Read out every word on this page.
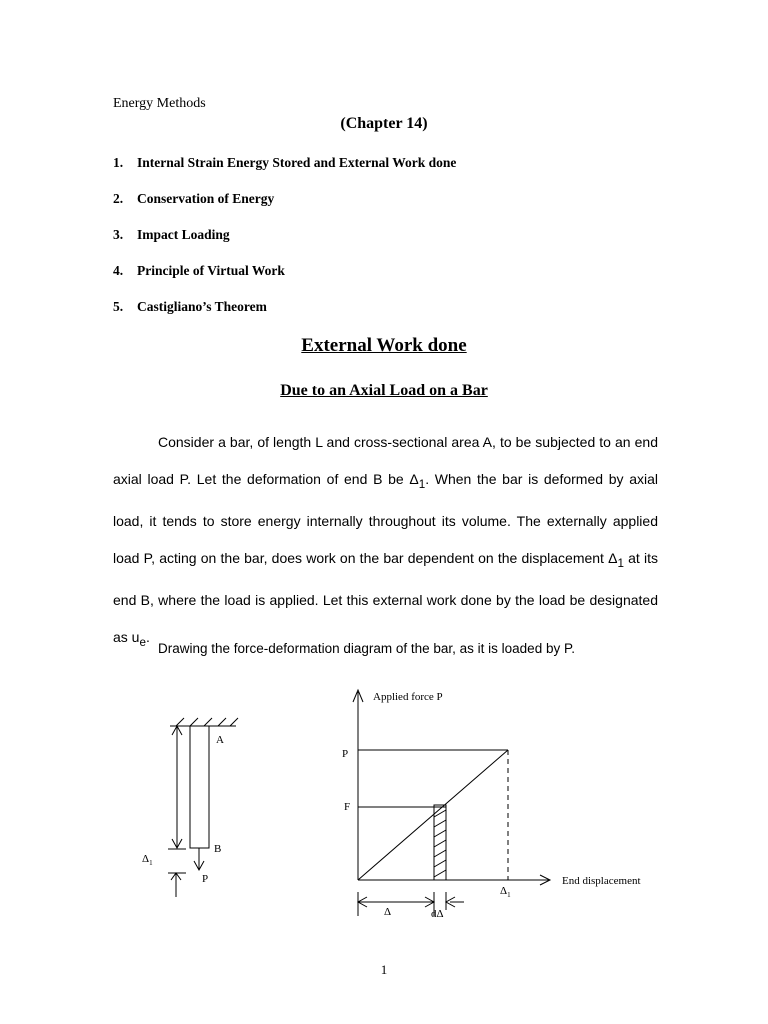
Energy Methods
(Chapter 14)
1. Internal Strain Energy Stored and External Work done
2. Conservation of Energy
3. Impact Loading
4. Principle of Virtual Work
5. Castigliano’s Theorem
External Work done
Due to an Axial Load on a Bar

Consider a bar, of length L and cross-sectional area A, to be subjected to an end axial load P. Let the deformation of end B be $\Delta_1$. When the bar is deformed by axial load, it tends to store energy internally throughout its volume. The externally applied load P, acting on the bar, does work on the bar dependent on the displacement $\Delta_1$ at its end B, where the load is applied. Let this external work done by the load be designated as $u_e$.

Drawing the force-deformation diagram of the bar, as it is loaded by P.

A
B
$\Delta_1$
P
Applied force P
End displacement
P
$\Delta_1$
F
Δ	dΔ
1
